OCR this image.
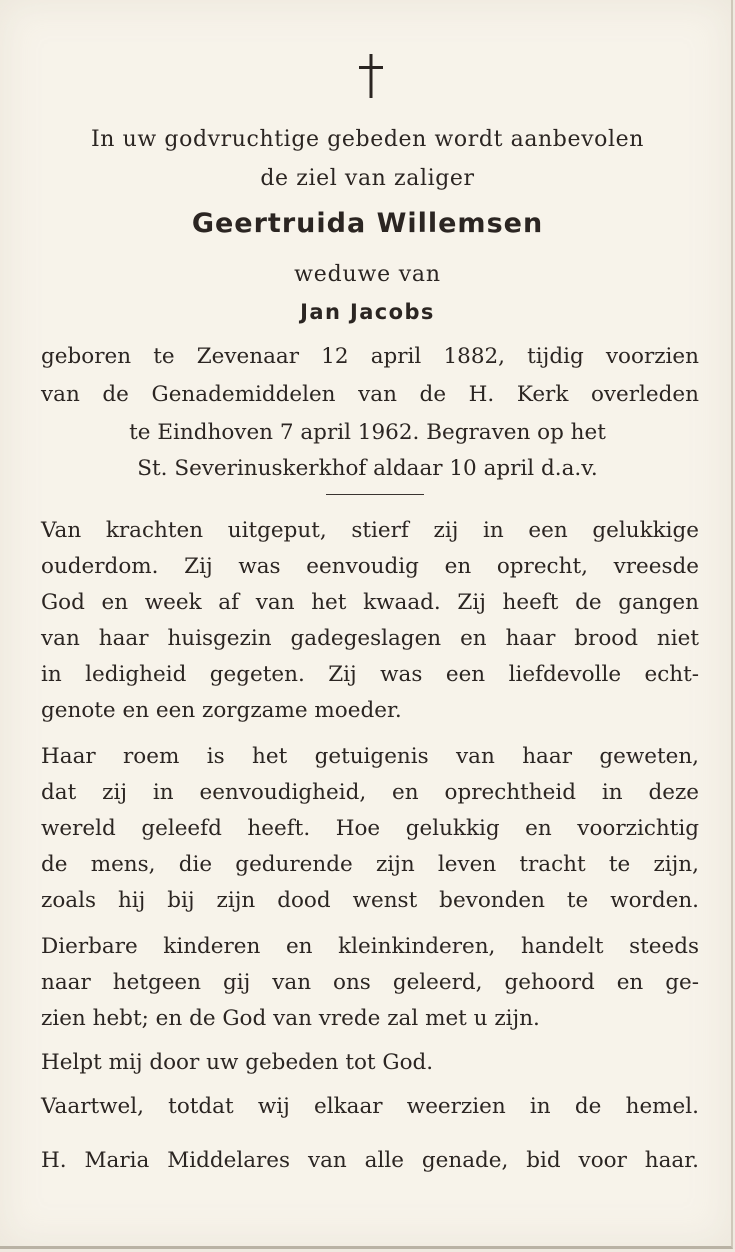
In uw godvruchtige gebeden wordt aanbevolen
de ziel van zaliger
Geertruida Willemsen
weduwe van
Jan Jacobs
geboren te Zevenaar 12 april 1882, tijdig voorzien
van de Genademiddelen van de H. Kerk overleden
te Eindhoven 7 april 1962. Begraven op het
St. Severinuskerkhof aldaar 10 april d.a.v.
Van krachten uitgeput, stierf zij in een gelukkige
ouderdom. Zij was eenvoudig en oprecht, vreesde
God en week af van het kwaad. Zij heeft de gangen
van haar huisgezin gadegeslagen en haar brood niet
in ledigheid gegeten. Zij was een liefdevolle echt-
genote en een zorgzame moeder.
Haar roem is het getuigenis van haar geweten,
dat zij in eenvoudigheid, en oprechtheid in deze
wereld geleefd heeft. Hoe gelukkig en voorzichtig
de mens, die gedurende zijn leven tracht te zijn,
zoals hij bij zijn dood wenst bevonden te worden.
Dierbare kinderen en kleinkinderen, handelt steeds
naar hetgeen gij van ons geleerd, gehoord en ge-
zien hebt; en de God van vrede zal met u zijn.
Helpt mij door uw gebeden tot God.
Vaartwel, totdat wij elkaar weerzien in de hemel.
H. Maria Middelares van alle genade, bid voor haar.
